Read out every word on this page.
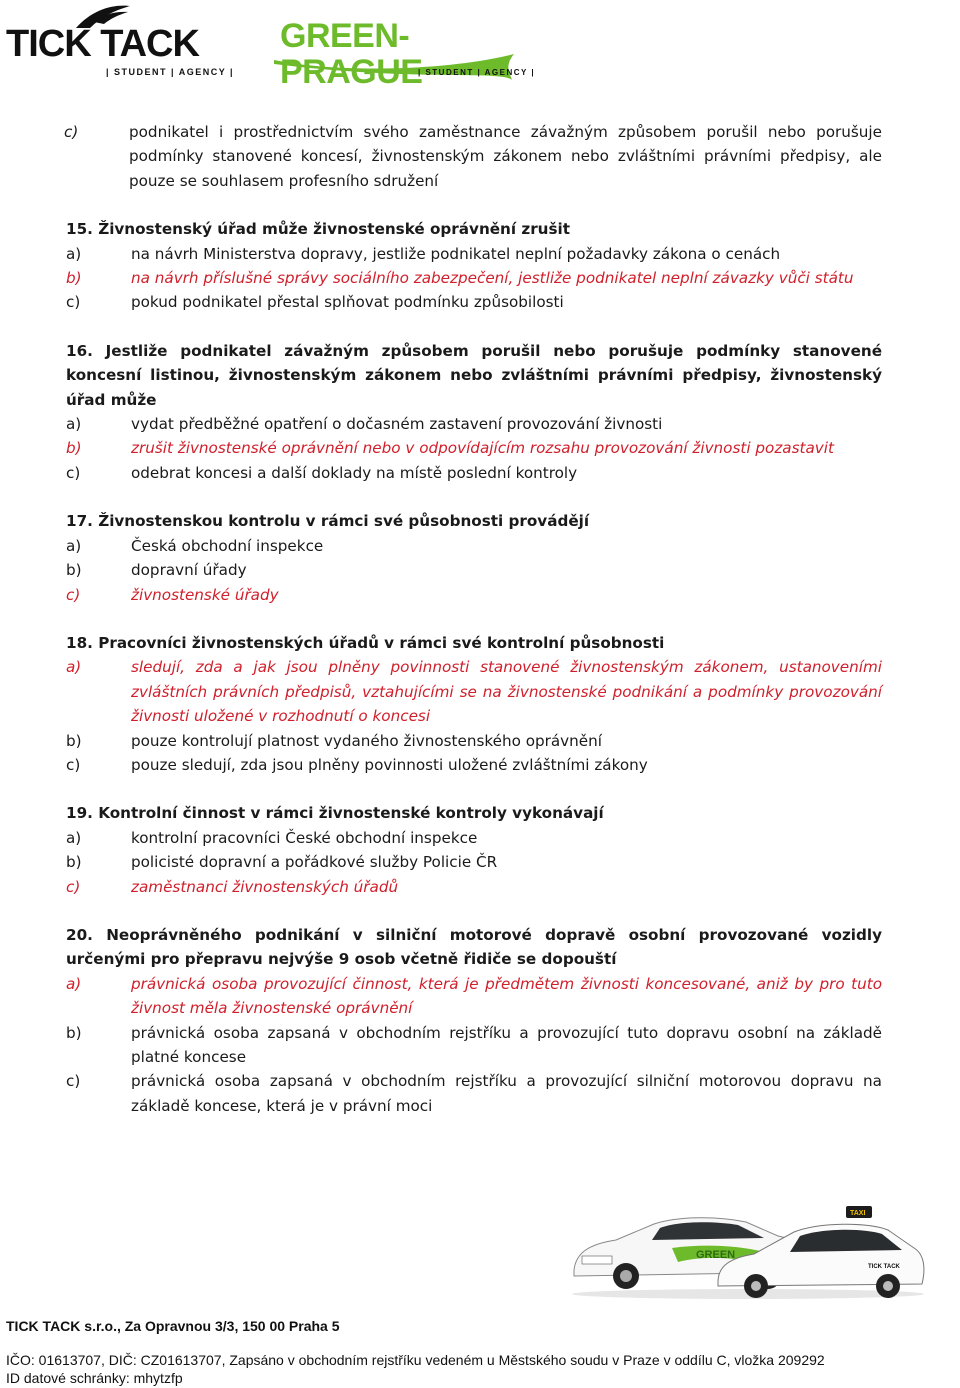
TICK TACK
| STUDENT | AGENCY |
GREEN-PRAGUE
| STUDENT | AGENCY |
c)	podnikatel i prostřednictvím svého zaměstnance závažným způsobem porušil nebo porušuje podmínky stanovené koncesí, živnostenským zákonem nebo zvláštními právními předpisy, ale pouze se souhlasem profesního sdružení
15. Živnostenský úřad může živnostenské oprávnění zrušit
a)	na návrh Ministerstva dopravy, jestliže podnikatel neplní požadavky zákona o cenách
b)	na návrh příslušné správy sociálního zabezpečení, jestliže podnikatel neplní závazky vůči státu
c)	pokud podnikatel přestal splňovat podmínku způsobilosti
16. Jestliže podnikatel závažným způsobem porušil nebo porušuje podmínky stanovené koncesní listinou, živnostenským zákonem nebo zvláštními právními předpisy, živnostenský úřad může
a)	vydat předběžné opatření o dočasném zastavení provozování živnosti
b)	zrušit živnostenské oprávnění nebo v odpovídajícím rozsahu provozování živnosti pozastavit
c)	odebrat koncesi a další doklady na místě poslední kontroly
17. Živnostenskou kontrolu v rámci své působnosti provádějí
a)	Česká obchodní inspekce
b)	dopravní úřady
c)	živnostenské úřady
18. Pracovníci živnostenských úřadů v rámci své kontrolní působnosti
a)	sledují, zda a jak jsou plněny povinnosti stanovené živnostenským zákonem, ustanoveními zvláštních právních předpisů, vztahujícími se na živnostenské podnikání a podmínky provozování živnosti uložené v rozhodnutí o koncesi
b)	pouze kontrolují platnost vydaného živnostenského oprávnění
c)	pouze sledují, zda jsou plněny povinnosti uložené zvláštními zákony
19. Kontrolní činnost v rámci živnostenské kontroly vykonávají
a)	kontrolní pracovníci České obchodní inspekce
b)	policisté dopravní a pořádkové služby Policie ČR
c)	zaměstnanci živnostenských úřadů
20. Neoprávněného podnikání v silniční motorové dopravě osobní provozované vozidly určenými pro přepravu nejvýše 9 osob včetně řidiče se dopouští
a)	právnická osoba provozující činnost, která je předmětem živnosti koncesované, aniž by pro tuto živnost měla živnostenské oprávnění
b)	právnická osoba zapsaná v obchodním rejstříku a provozující tuto dopravu osobní na základě platné koncese
c)	právnická osoba zapsaná v obchodním rejstříku a provozující silniční motorovou dopravu na základě koncese, která je v právní moci
GREEN
TAXI
TICK TACK
TICK TACK s.r.o., Za Opravnou 3/3, 150 00 Praha 5
IČO: 01613707, DIČ: CZ01613707, Zapsáno v obchodním rejstříku vedeném u Městského soudu v Praze v oddílu C, vložka 209292
ID datové schránky: mhytzfp
